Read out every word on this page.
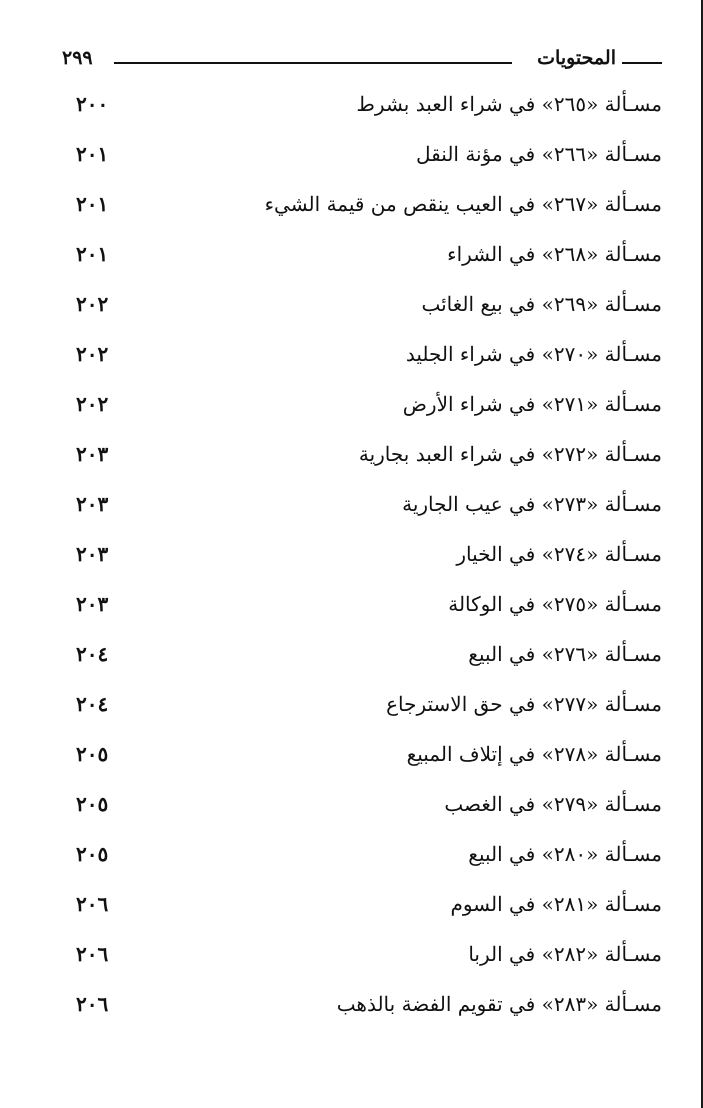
المحتويات
٢٩٩
مسـألة «٢٦٥» في شراء العبد بشرط
٢٠٠
مسـألة «٢٦٦» في مؤنة النقل
٢٠١
مسـألة «٢٦٧» في العيب ينقص من قيمة الشيء
٢٠١
مسـألة «٢٦٨» في الشراء
٢٠١
مسـألة «٢٦٩» في بيع الغائب
٢٠٢
مسـألة «٢٧٠» في شراء الجليد
٢٠٢
مسـألة «٢٧١» في شراء الأرض
٢٠٢
مسـألة «٢٧٢» في شراء العبد بجارية
٢٠٣
مسـألة «٢٧٣» في عيب الجارية
٢٠٣
مسـألة «٢٧٤» في الخيار
٢٠٣
مسـألة «٢٧٥» في الوكالة
٢٠٣
مسـألة «٢٧٦» في البيع
٢٠٤
مسـألة «٢٧٧» في حق الاسترجاع
٢٠٤
مسـألة «٢٧٨» في إتلاف المبيع
٢٠٥
مسـألة «٢٧٩» في الغصب
٢٠٥
مسـألة «٢٨٠» في البيع
٢٠٥
مسـألة «٢٨١» في السوم
٢٠٦
مسـألة «٢٨٢» في الربا
٢٠٦
مسـألة «٢٨٣» في تقويم الفضة بالذهب
٢٠٦
